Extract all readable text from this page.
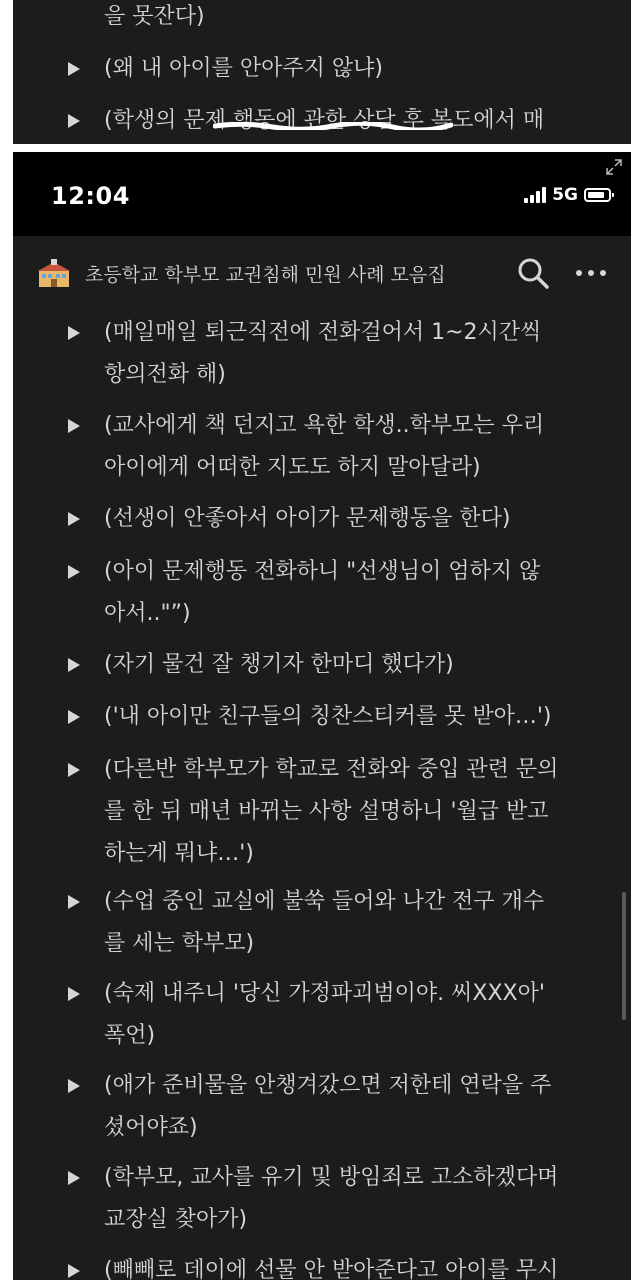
을 못잔다)
(왜 내 아이를 안아주지 않냐)
(학생의 문제 행동에 관한 상담 후 복도에서 매
12:04	5G
초등학교 학부모 교권침해 민원 사례 모음집
(매일매일 퇴근직전에 전화걸어서 1~2시간씩
항의전화 해)
(교사에게 책 던지고 욕한 학생..학부모는 우리
아이에게 어떠한 지도도 하지 말아달라)
(선생이 안좋아서 아이가 문제행동을 한다)
(아이 문제행동 전화하니 "선생님이 엄하지 않
아서.."”)
(자기 물건 잘 챙기자 한마디 했다가)
('내 아이만 친구들의 칭찬스티커를 못 받아…')
(다른반 학부모가 학교로 전화와 중입 관련 문의
를 한 뒤 매년 바뀌는 사항 설명하니 '월급 받고
하는게 뭐냐…')
(수업 중인 교실에 불쑥 들어와 나간 전구 개수
를 세는 학부모)
(숙제 내주니 '당신 가정파괴범이야. 씨XXX아'
폭언)
(애가 준비물을 안챙겨갔으면 저한테 연락을 주
셨어야죠)
(학부모, 교사를 유기 및 방임죄로 고소하겠다며
교장실 찾아가)
(빼빼로 데이에 선물 안 받아준다고 아이를 무시
